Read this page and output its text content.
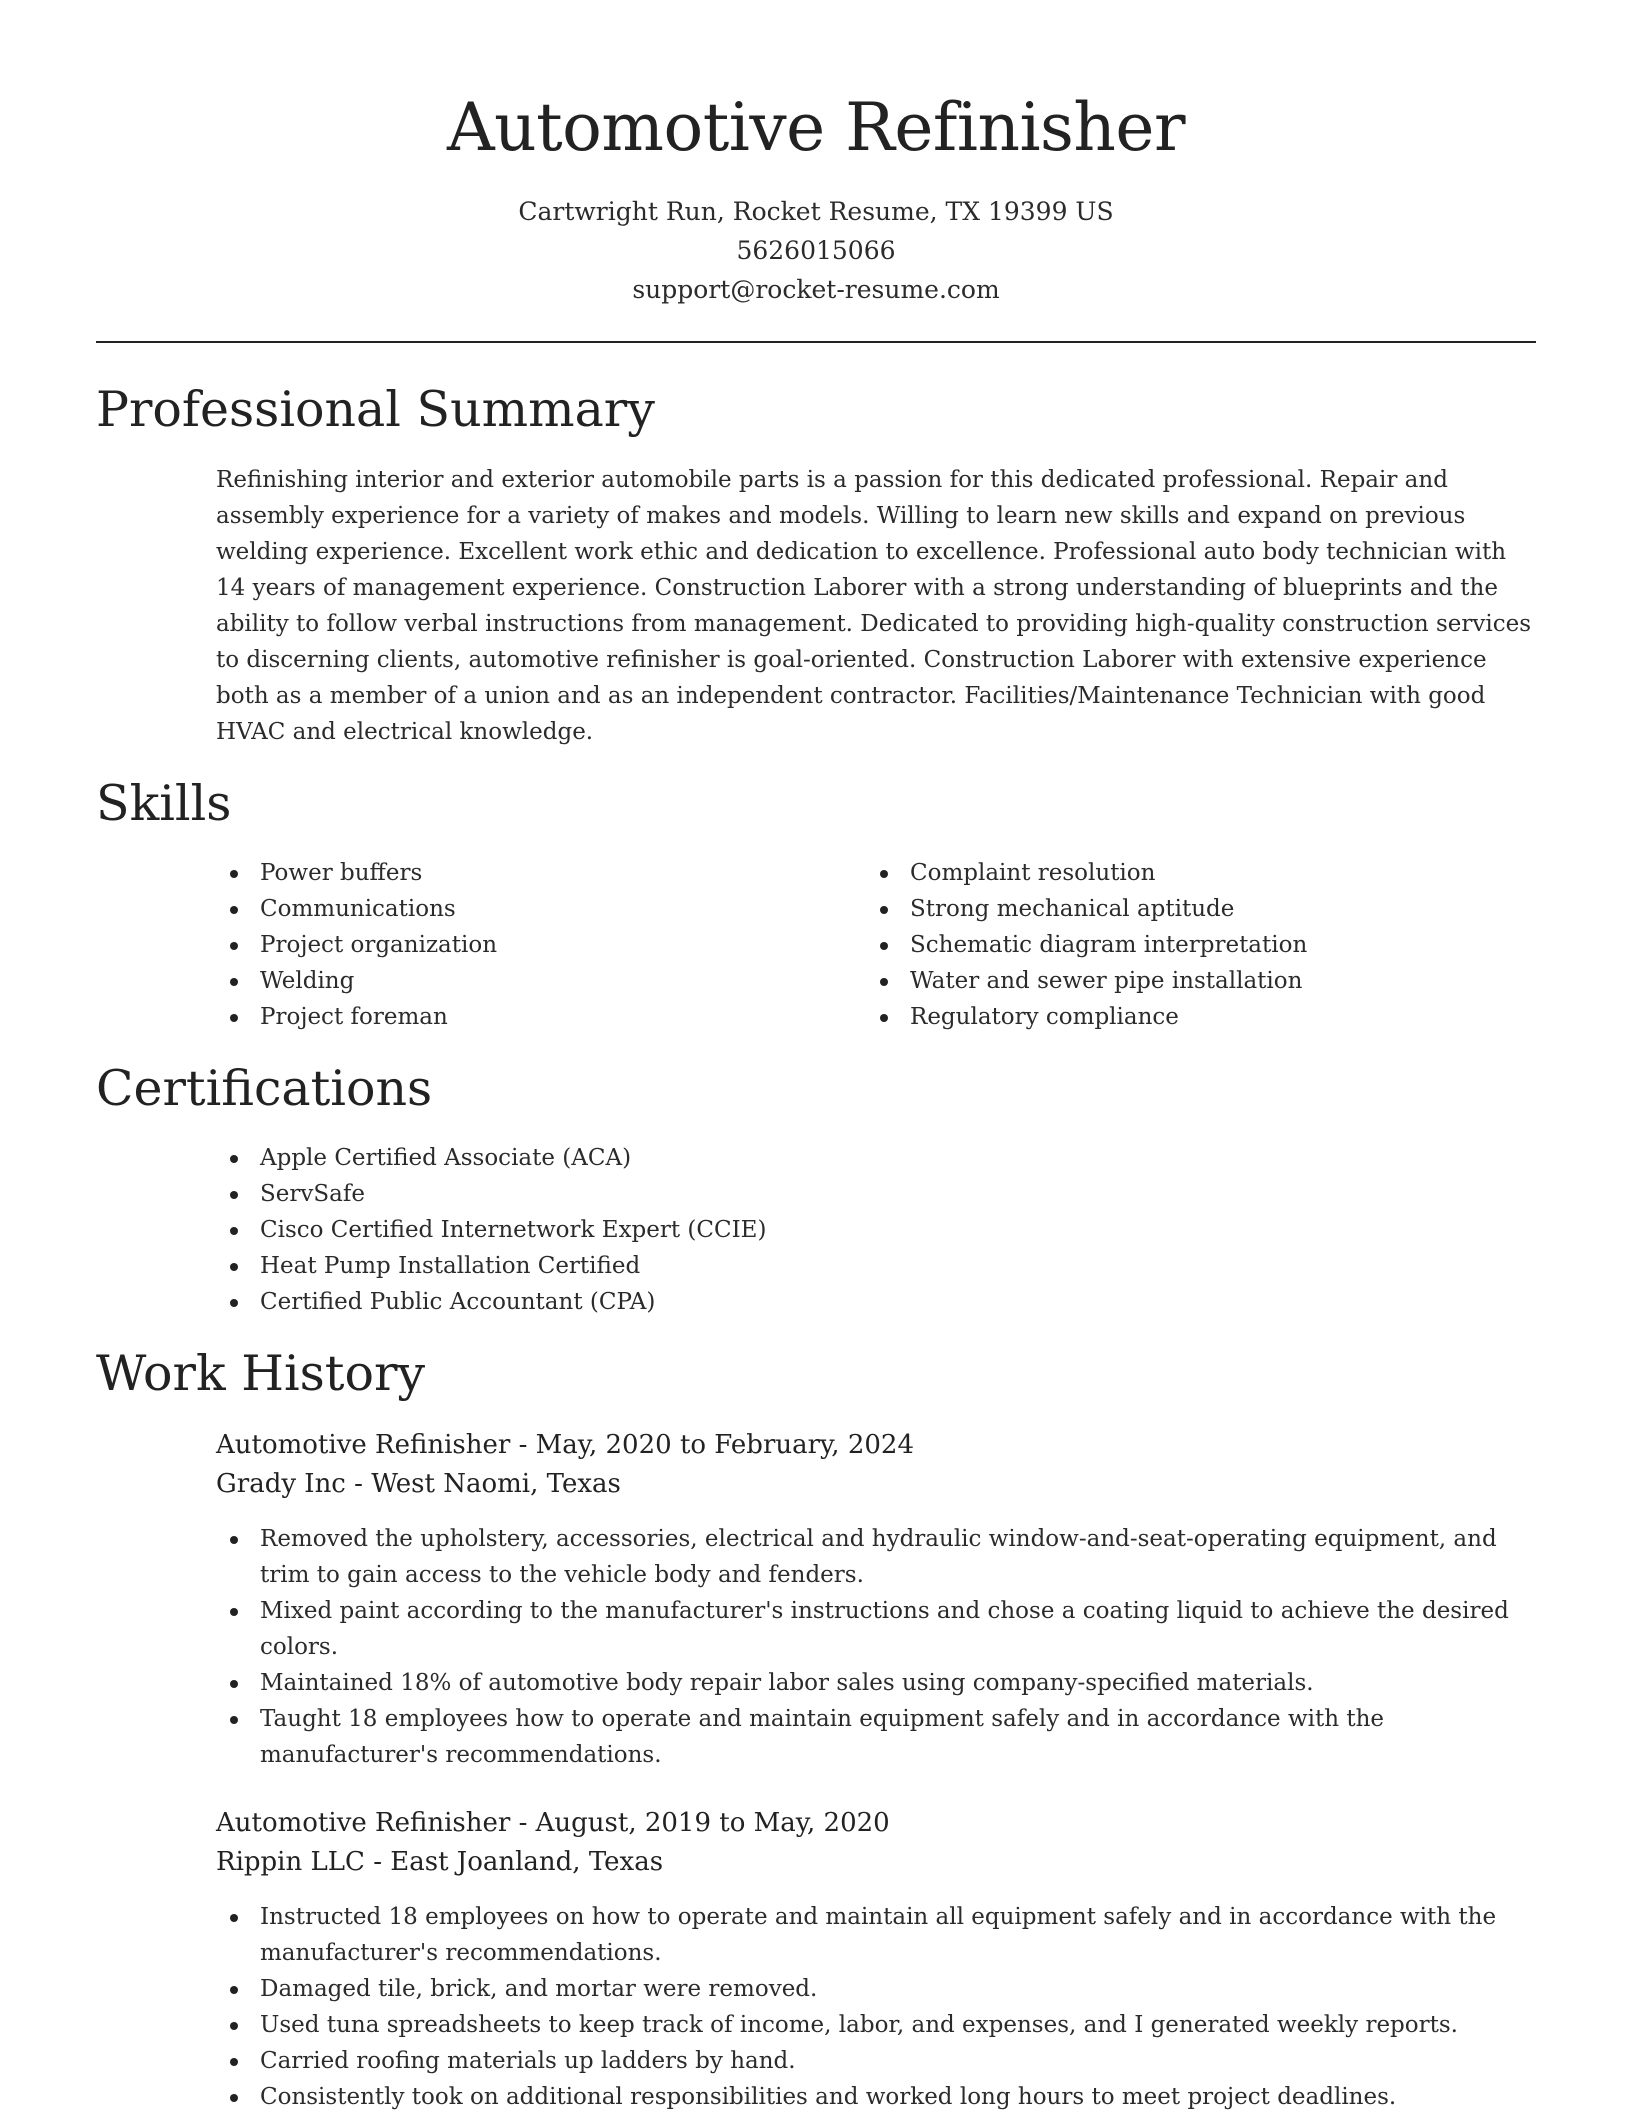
Automotive Refinisher
Cartwright Run, Rocket Resume, TX 19399 US
5626015066
support@rocket-resume.com
Professional Summary

Refinishing interior and exterior automobile parts is a passion for this dedicated professional. Repair and assembly experience for a variety of makes and models. Willing to learn new skills and expand on previous welding experience. Excellent work ethic and dedication to excellence. Professional auto body technician with 14 years of management experience. Construction Laborer with a strong understanding of blueprints and the ability to follow verbal instructions from management. Dedicated to providing high-quality construction services to discerning clients, automotive refinisher is goal-oriented. Construction Laborer with extensive experience both as a member of a union and as an independent contractor. Facilities/Maintenance Technician with good HVAC and electrical knowledge.

Skills
Power buffers
Communications
Project organization
Welding
Project foreman
Complaint resolution
Strong mechanical aptitude
Schematic diagram interpretation
Water and sewer pipe installation
Regulatory compliance
Certifications
Apple Certified Associate (ACA)
ServSafe
Cisco Certified Internetwork Expert (CCIE)
Heat Pump Installation Certified
Certified Public Accountant (CPA)
Work History
Automotive Refinisher - May, 2020 to February, 2024
Grady Inc - West Naomi, Texas
Removed the upholstery, accessories, electrical and hydraulic window-and-seat-operating equipment, and trim to gain access to the vehicle body and fenders.
Mixed paint according to the manufacturer's instructions and chose a coating liquid to achieve the desired colors.
Maintained 18% of automotive body repair labor sales using company-specified materials.
Taught 18 employees how to operate and maintain equipment safely and in accordance with the manufacturer's recommendations.
Automotive Refinisher - August, 2019 to May, 2020
Rippin LLC - East Joanland, Texas
Instructed 18 employees on how to operate and maintain all equipment safely and in accordance with the manufacturer's recommendations.
Damaged tile, brick, and mortar were removed.
Used tuna spreadsheets to keep track of income, labor, and expenses, and I generated weekly reports.
Carried roofing materials up ladders by hand.
Consistently took on additional responsibilities and worked long hours to meet project deadlines.
